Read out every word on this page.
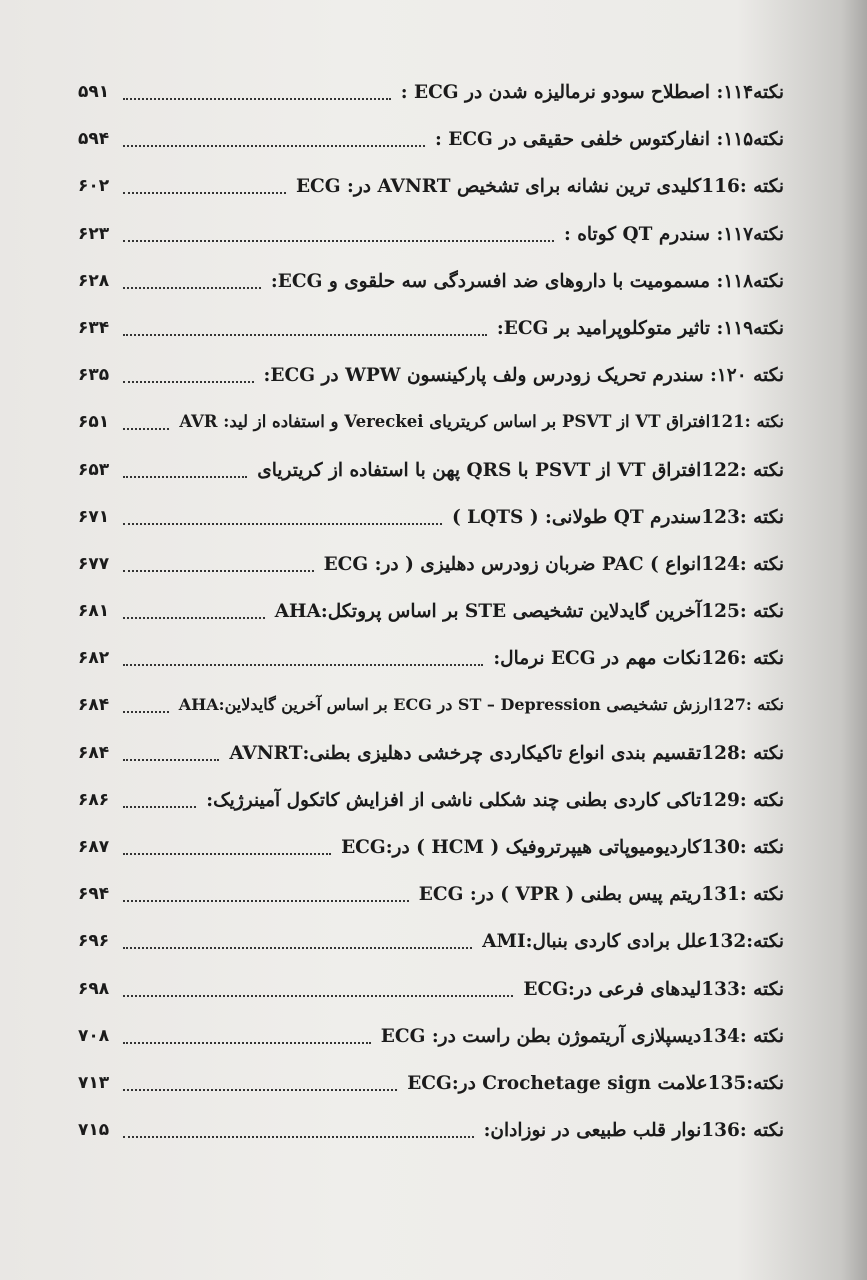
نکته۱۱۴: اصطلاح سودو نرمالیزه شدن در ECG :
۵۹۱
نکته۱۱۵: انفارکتوس خلفی حقیقی در ECG :
۵۹۴
نکته :116کلیدی ترین نشانه برای تشخیص AVNRT در: ECG
۶۰۲
نکته۱۱۷: سندرم QT کوتاه :
۶۲۳
نکته۱۱۸: مسمومیت با داروهای ضد افسردگی سه حلقوی و ECG:
۶۲۸
نکته۱۱۹: تاثیر متوکلوپرامید بر ECG:
۶۳۴
نکته ۱۲۰: سندرم تحریک زودرس ولف پارکینسون WPW در ECG:
۶۳۵
نکته :121افتراق VT از PSVT بر اساس کریتریای Vereckei و استفاده از لید: AVR
۶۵۱
نکته :122افتراق VT از PSVT با QRS پهن با استفاده از کریتریای
۶۵۳
نکته :123سندرم QT طولانی: ( LQTS )
۶۷۱
نکته :124انواع ) PAC ضربان زودرس دهلیزی ( در: ECG
۶۷۷
نکته :125آخرین گایدلاین تشخیصی STE بر اساس پروتکل:AHA
۶۸۱
نکته :126نکات مهم در ECG نرمال:
۶۸۲
نکته :127ارزش تشخیصی ST – Depression در ECG بر اساس آخرین گایدلاین:AHA
۶۸۴
نکته :128تقسیم بندی انواع تاکیکاردی چرخشی دهلیزی بطنی:AVNRT
۶۸۴
نکته :129تاکی کاردی بطنی چند شکلی ناشی از افزایش کاتکول آمینرژیک:
۶۸۶
نکته :130کاردیومیوپاتی هیپرتروفیک ( HCM ) در:ECG
۶۸۷
نکته :131ریتم پیس بطنی ( VPR ) در: ECG
۶۹۴
نکته:132علل برادی کاردی بنبال:AMI
۶۹۶
نکته :133لیدهای فرعی در:ECG
۶۹۸
نکته :134دیسپلازی آریتموژن بطن راست در: ECG
۷۰۸
نکته:135علامت Crochetage sign در:ECG
۷۱۳
نکته :136نوار قلب طبیعی در نوزادان:
۷۱۵
